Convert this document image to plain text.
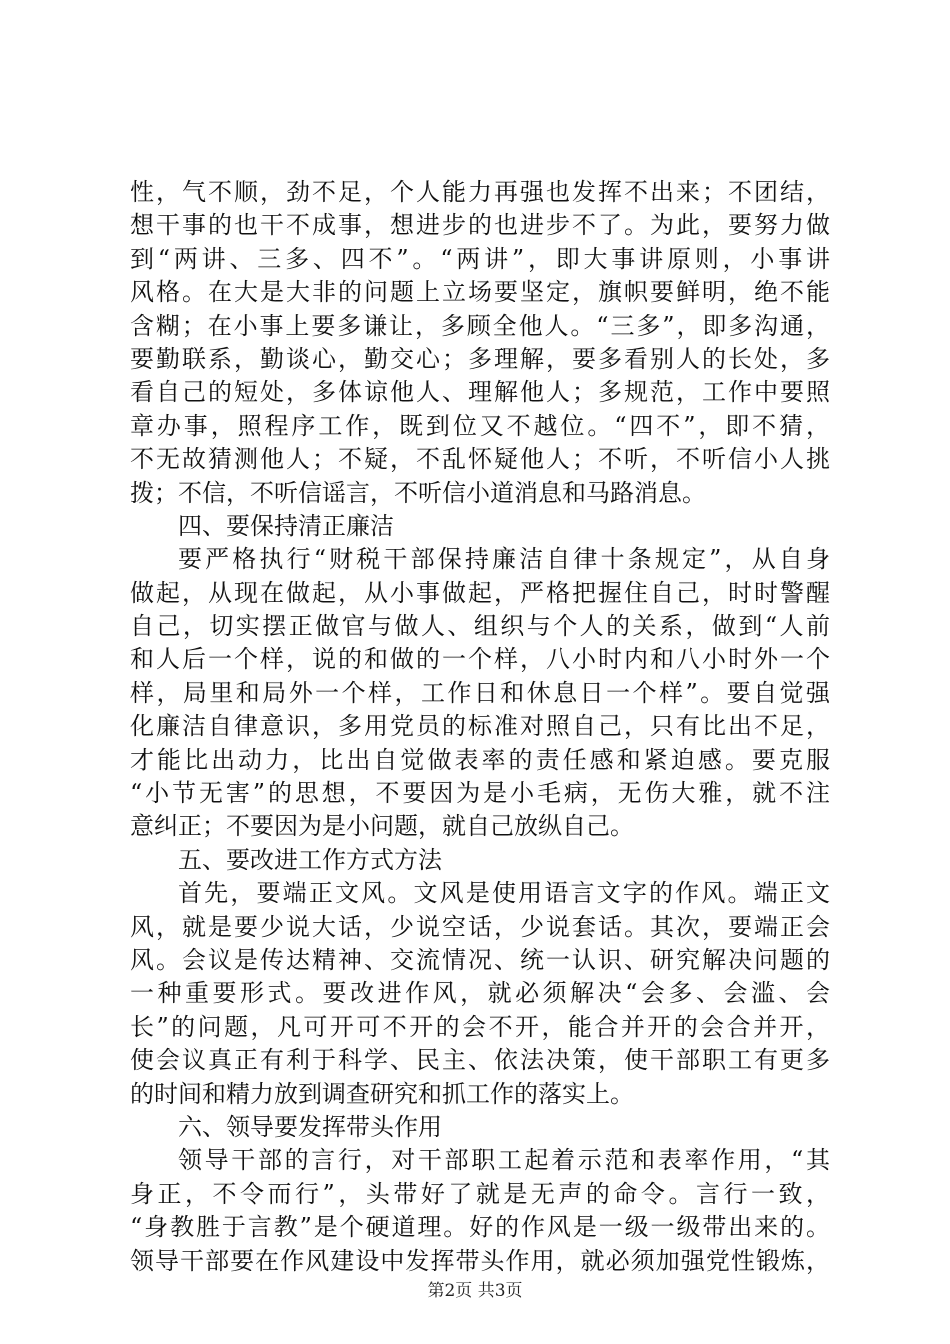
性，气不顺，劲不足，个人能力再强也发挥不出来；不团结，
想干事的也干不成事，想进步的也进步不了。为此，要努力做
到“两讲、三多、四不”。“两讲”，即大事讲原则，小事讲
风格。在大是大非的问题上立场要坚定，旗帜要鲜明，绝不能
含糊；在小事上要多谦让，多顾全他人。“三多”，即多沟通，
要勤联系，勤谈心，勤交心；多理解，要多看别人的长处，多
看自己的短处，多体谅他人、理解他人；多规范，工作中要照
章办事，照程序工作，既到位又不越位。“四不”，即不猜，
不无故猜测他人；不疑，不乱怀疑他人；不听，不听信小人挑
拨；不信，不听信谣言，不听信小道消息和马路消息。
四、要保持清正廉洁
要严格执行“财税干部保持廉洁自律十条规定”，从自身
做起，从现在做起，从小事做起，严格把握住自己，时时警醒
自己，切实摆正做官与做人、组织与个人的关系，做到“人前
和人后一个样，说的和做的一个样，八小时内和八小时外一个
样，局里和局外一个样，工作日和休息日一个样”。要自觉强
化廉洁自律意识，多用党员的标准对照自己，只有比出不足，
才能比出动力，比出自觉做表率的责任感和紧迫感。要克服
“小节无害”的思想，不要因为是小毛病，无伤大雅，就不注
意纠正；不要因为是小问题，就自己放纵自己。
五、要改进工作方式方法
首先，要端正文风。文风是使用语言文字的作风。端正文
风，就是要少说大话，少说空话，少说套话。其次，要端正会
风。会议是传达精神、交流情况、统一认识、研究解决问题的
一种重要形式。要改进作风，就必须解决“会多、会滥、会
长”的问题，凡可开可不开的会不开，能合并开的会合并开，
使会议真正有利于科学、民主、依法决策，使干部职工有更多
的时间和精力放到调查研究和抓工作的落实上。
六、领导要发挥带头作用
领导干部的言行，对干部职工起着示范和表率作用，“其
身正，不令而行”，头带好了就是无声的命令。言行一致，
“身教胜于言教”是个硬道理。好的作风是一级一级带出来的。
领导干部要在作风建设中发挥带头作用，就必须加强党性锻炼，
第2页 共3页
